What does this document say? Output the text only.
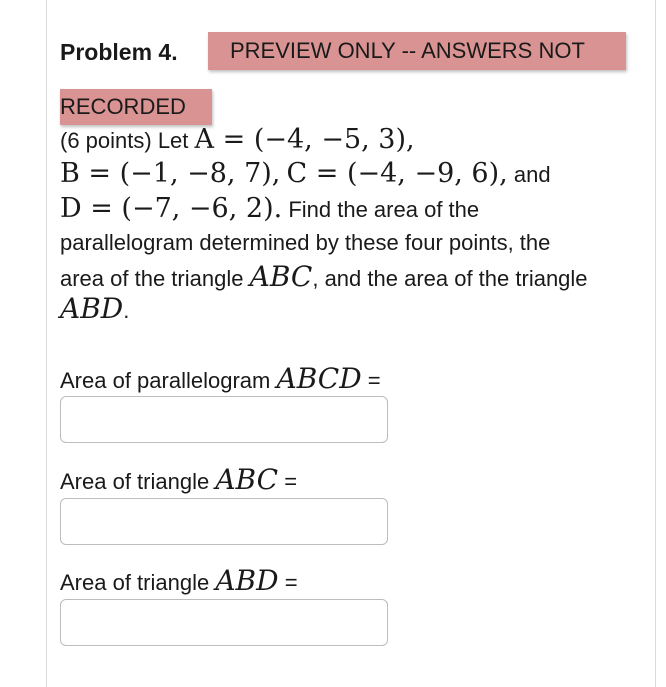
Problem 4.	PREVIEW ONLY -- ANSWERS NOT
RECORDED
(6 points) Let A = (−4, −5, 3),
B = (−1, −8, 7), C = (−4, −9, 6), and
D = (−7, −6, 2). Find the area of the
parallelogram determined by these four points, the
area of the triangle ABC, and the area of the triangle
ABD.
Area of parallelogram ABCD =
Area of triangle ABC =
Area of triangle ABD =
